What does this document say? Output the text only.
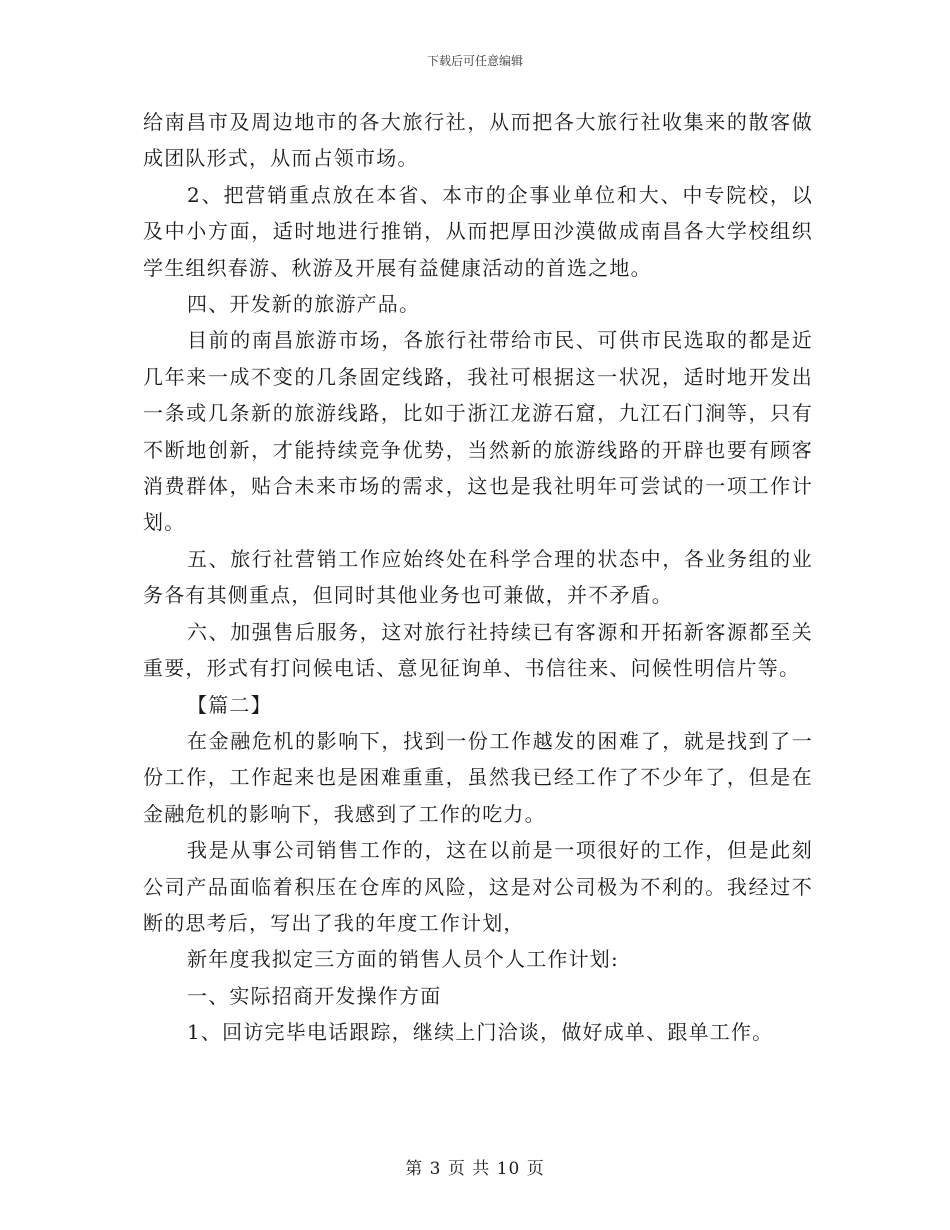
下载后可任意编辑

给南昌市及周边地市的各大旅行社，从而把各大旅行社收集来的散客做成团队形式，从而占领市场。

2、把营销重点放在本省、本市的企事业单位和大、中专院校，以及中小方面，适时地进行推销，从而把厚田沙漠做成南昌各大学校组织学生组织春游、秋游及开展有益健康活动的首选之地。

四、开发新的旅游产品。

目前的南昌旅游市场，各旅行社带给市民、可供市民选取的都是近几年来一成不变的几条固定线路，我社可根据这一状况，适时地开发出一条或几条新的旅游线路，比如于浙江龙游石窟，九江石门涧等，只有不断地创新，才能持续竞争优势，当然新的旅游线路的开辟也要有顾客消费群体，贴合未来市场的需求，这也是我社明年可尝试的一项工作计划。

五、旅行社营销工作应始终处在科学合理的状态中，各业务组的业务各有其侧重点，但同时其他业务也可兼做，并不矛盾。

六、加强售后服务，这对旅行社持续已有客源和开拓新客源都至关重要，形式有打问候电话、意见征询单、书信往来、问候性明信片等。

【篇二】

在金融危机的影响下，找到一份工作越发的困难了，就是找到了一份工作，工作起来也是困难重重，虽然我已经工作了不少年了，但是在金融危机的影响下，我感到了工作的吃力。

我是从事公司销售工作的，这在以前是一项很好的工作，但是此刻公司产品面临着积压在仓库的风险，这是对公司极为不利的。我经过不断的思考后，写出了我的年度工作计划，

新年度我拟定三方面的销售人员个人工作计划:

一、实际招商开发操作方面

1、回访完毕电话跟踪，继续上门洽谈，做好成单、跟单工作。

第 3 页 共 10 页
